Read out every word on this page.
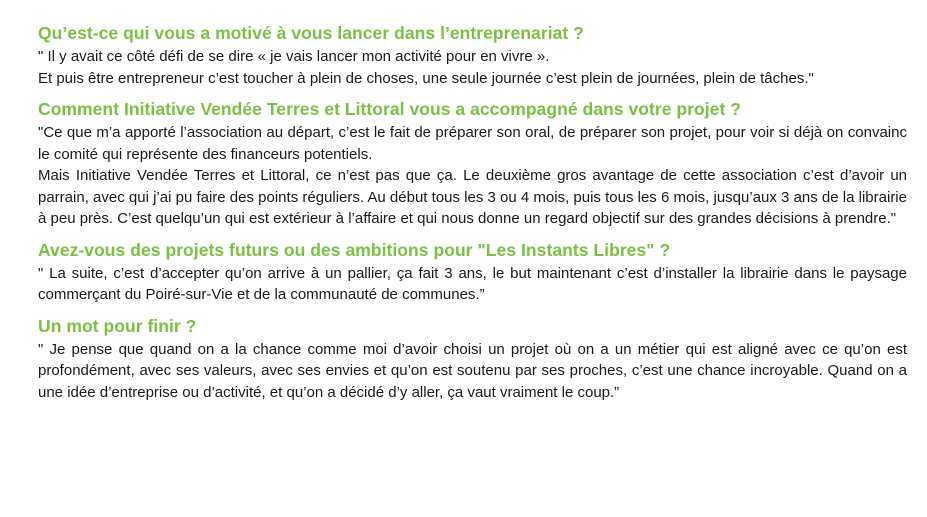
Qu’est-ce qui vous a motivé à vous lancer dans l’entreprenariat ?

" Il y avait ce côté défi de se dire « je vais lancer mon activité pour en vivre ».

Et puis être entrepreneur c’est toucher à plein de choses, une seule journée c’est plein de journées, plein de tâches."

Comment Initiative Vendée Terres et Littoral vous a accompagné dans votre projet ?

"Ce que m’a apporté l’association au départ, c’est le fait de préparer son oral, de préparer son projet, pour voir si déjà on convainc le comité qui représente des financeurs potentiels.

Mais Initiative Vendée Terres et Littoral, ce n’est pas que ça. Le deuxième gros avantage de cette association c’est d’avoir un parrain, avec qui j’ai pu faire des points réguliers. Au début tous les 3 ou 4 mois, puis tous les 6 mois, jusqu’aux 3 ans de la librairie à peu près. C’est quelqu’un qui est extérieur à l’affaire et qui nous donne un regard objectif sur des grandes décisions à prendre."

Avez-vous des projets futurs ou des ambitions pour "Les Instants Libres" ?

" La suite, c’est d’accepter qu’on arrive à un pallier, ça fait 3 ans, le but maintenant c’est d’installer la librairie dans le paysage commerçant du Poiré-sur-Vie et de la communauté de communes.”

Un mot pour finir ?

" Je pense que quand on a la chance comme moi d’avoir choisi un projet où on a un métier qui est aligné avec ce qu’on est profondément, avec ses valeurs, avec ses envies et qu’on est soutenu par ses proches, c’est une chance incroyable. Quand on a une idée d’entreprise ou d’activité, et qu’on a décidé d’y aller, ça vaut vraiment le coup.”
